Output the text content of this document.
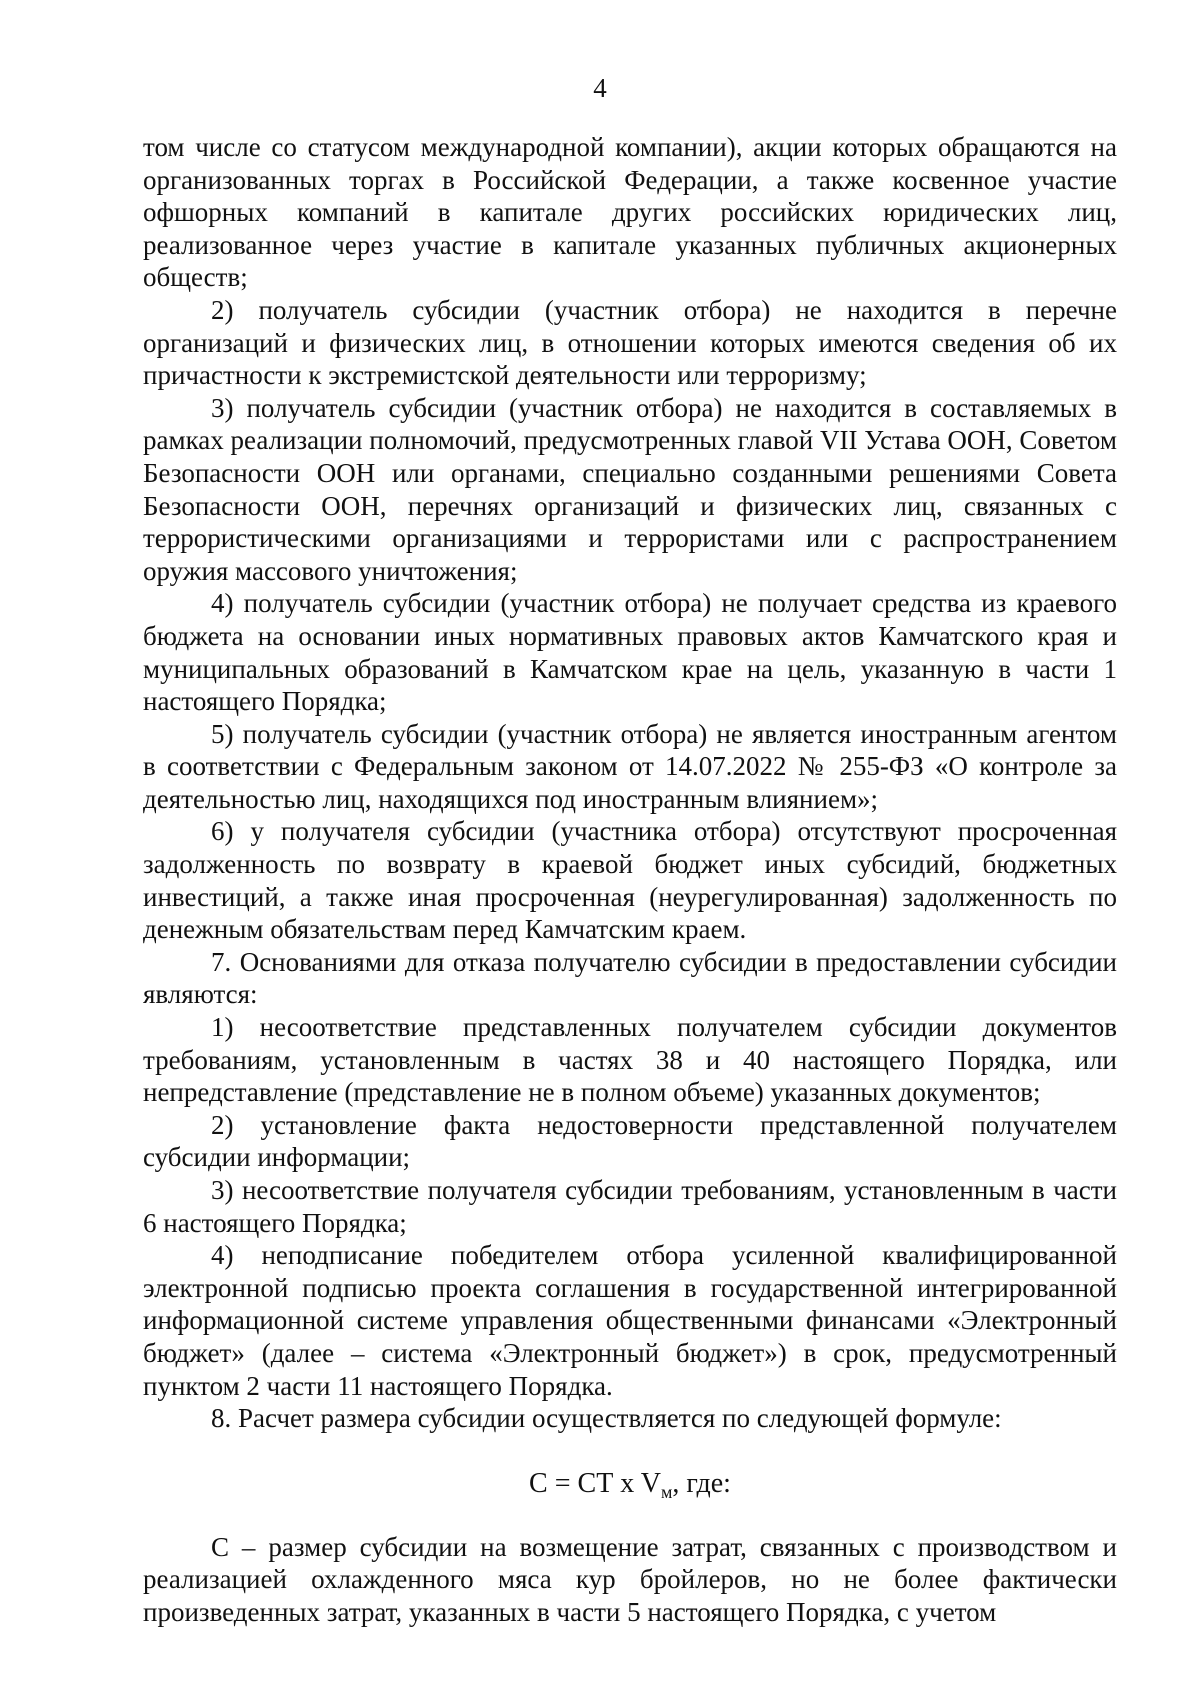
4

том числе со статусом международной компании), акции которых обращаются на организованных торгах в Российской Федерации, а также косвенное участие офшорных компаний в капитале других российских юридических лиц, реализованное через участие в капитале указанных публичных акционерных обществ;

2) получатель субсидии (участник отбора) не находится в перечне организаций и физических лиц, в отношении которых имеются сведения об их причастности к экстремистской деятельности или терроризму;

3) получатель субсидии (участник отбора) не находится в составляемых в рамках реализации полномочий, предусмотренных главой VII Устава ООН, Советом Безопасности ООН или органами, специально созданными решениями Совета Безопасности ООН, перечнях организаций и физических лиц, связанных с террористическими организациями и террористами или с распространением оружия массового уничтожения;

4) получатель субсидии (участник отбора) не получает средства из краевого бюджета на основании иных нормативных правовых актов Камчатского края и муниципальных образований в Камчатском крае на цель, указанную в части 1 настоящего Порядка;

5) получатель субсидии (участник отбора) не является иностранным агентом в соответствии с Федеральным законом от 14.07.2022 № 255-ФЗ «О контроле за деятельностью лиц, находящихся под иностранным влиянием»;

6) у получателя субсидии (участника отбора) отсутствуют просроченная задолженность по возврату в краевой бюджет иных субсидий, бюджетных инвестиций, а также иная просроченная (неурегулированная) задолженность по денежным обязательствам перед Камчатским краем.

7. Основаниями для отказа получателю субсидии в предоставлении субсидии являются:

1) несоответствие представленных получателем субсидии документов требованиям, установленным в частях 38 и 40 настоящего Порядка, или непредставление (представление не в полном объеме) указанных документов;

2) установление факта недостоверности представленной получателем субсидии информации;

3) несоответствие получателя субсидии требованиям, установленным в части 6 настоящего Порядка;

4) неподписание победителем отбора усиленной квалифицированной электронной подписью проекта соглашения в государственной интегрированной информационной системе управления общественными финансами «Электронный бюджет» (далее – система «Электронный бюджет») в срок, предусмотренный пунктом 2 части 11 настоящего Порядка.

8. Расчет размера субсидии осуществляется по следующей формуле:

С = СТ x $V_м$, где:

С – размер субсидии на возмещение затрат, связанных с производством и реализацией охлажденного мяса кур бройлеров, но не более фактически произведенных затрат, указанных в части 5 настоящего Порядка, с учетом
